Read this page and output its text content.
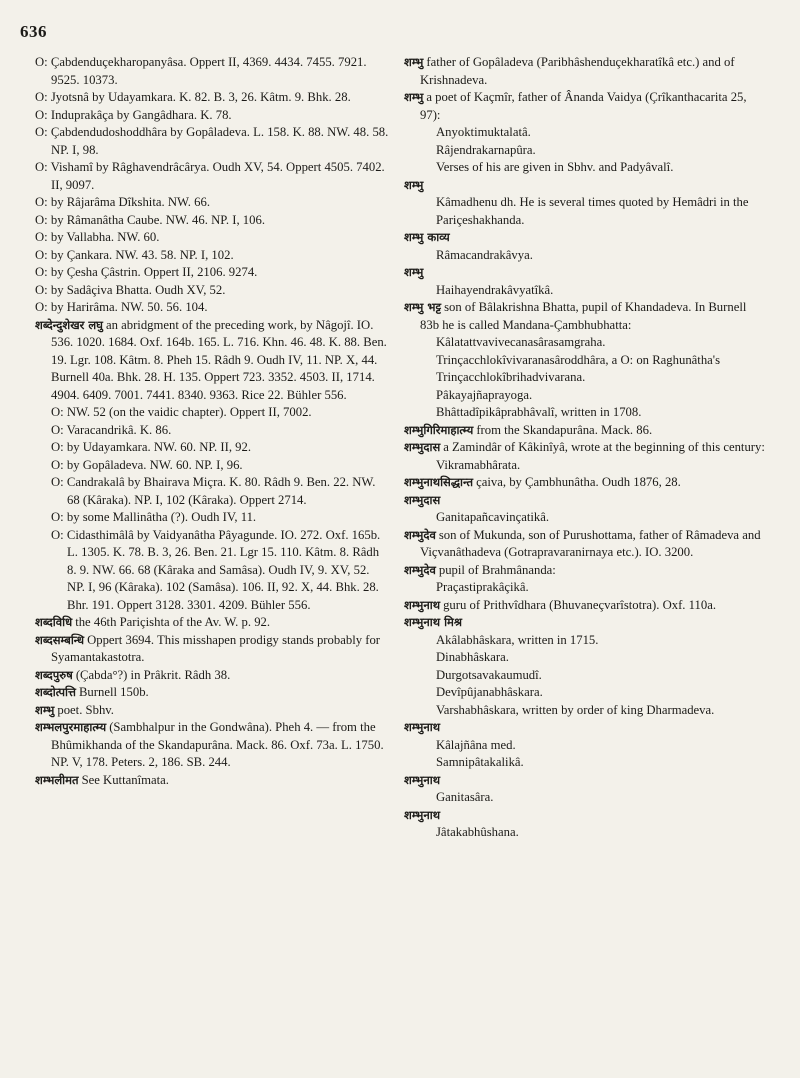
636

O: Çabdenduçekharopanyâsa. Oppert II, 4369. 4434. 7455. 7921. 9525. 10373.

O: Jyotsnâ by Udayamkara. K. 82. B. 3, 26. Kâtm. 9. Bhk. 28.

O: Induprakâça by Gangâdhara. K. 78.

O: Çabdendudoshoddhâra by Gopâladeva. L. 158. K. 88. NW. 48. 58. NP. I, 98.

O: Vishamî by Râghavendrâcârya. Oudh XV, 54. Oppert 4505. 7402. II, 9097.

O: by Râjarâma Dîkshita. NW. 66.

O: by Râmanâtha Caube. NW. 46. NP. I, 106.

O: by Vallabha. NW. 60.

O: by Çankara. NW. 43. 58. NP. I, 102.

O: by Çesha Çâstrin. Oppert II, 2106. 9274.

O: by Sadâçiva Bhatta. Oudh XV, 52.

O: by Harirâma. NW. 50. 56. 104.

शब्देन्दुशेखर लघु an abridgment of the preceding work, by Nâgojî. IO. 536. 1020. 1684. Oxf. 164b. 165. L. 716. Khn. 46. 48. K. 88. Ben. 19. Lgr. 108. Kâtm. 8. Pheh 15. Râdh 9. Oudh IV, 11. NP. X, 44. Burnell 40a. Bhk. 28. H. 135. Oppert 723. 3352. 4503. II, 1714. 4904. 6409. 7001. 7441. 8340. 9363. Rice 22. Bühler 556.

O: NW. 52 (on the vaidic chapter). Oppert II, 7002.

O: Varacandrikâ. K. 86.

O: by Udayamkara. NW. 60. NP. II, 92.

O: by Gopâladeva. NW. 60. NP. I, 96.

O: Candrakalâ by Bhairava Miçra. K. 80. Râdh 9. Ben. 22. NW. 68 (Kâraka). NP. I, 102 (Kâraka). Oppert 2714.

O: by some Mallinâtha (?). Oudh IV, 11.

O: Cidasthimâlâ by Vaidyanâtha Pâyagunde. IO. 272. Oxf. 165b. L. 1305. K. 78. B. 3, 26. Ben. 21. Lgr 15. 110. Kâtm. 8. Râdh 8. 9. NW. 66. 68 (Kâraka and Samâsa). Oudh IV, 9. XV, 52. NP. I, 96 (Kâraka). 102 (Samâsa). 106. II, 92. X, 44. Bhk. 28. Bhr. 191. Oppert 3128. 3301. 4209. Bühler 556.

शब्दविधि the 46th Pariçishta of the Av. W. p. 92.

शब्दसम्बन्धि Oppert 3694. This misshapen prodigy stands probably for Syamantakastotra.

शब्दपुरुष (Çabda°?) in Prâkrit. Râdh 38.

शब्दोत्पत्ति Burnell 150b.

शम्भु poet. Sbhv.

शम्भलपुरमाहात्म्य (Sambhalpur in the Gondwâna). Pheh 4. — from the Bhûmikhanda of the Skandapurâna. Mack. 86. Oxf. 73a. L. 1750. NP. V, 178. Peters. 2, 186. SB. 244.

शम्भलीमत See Kuttanîmata.

शम्भु father of Gopâladeva (Paribhâshenduçekharatîkâ etc.) and of Krishnadeva.

शम्भु a poet of Kaçmîr, father of Ânanda Vaidya (Çrîkanthacarita 25, 97):

Anyoktimuktalatâ.

Râjendrakarnapûra.

Verses of his are given in Sbhv. and Padyâvalî.

शम्भु

Kâmadhenu dh. He is several times quoted by Hemâdri in the Pariçeshakhanda.

शम्भु काव्य

Râmacandrakâvya.

शम्भु

Haihayendrakâvyatîkâ.

शम्भु भट्ट son of Bâlakrishna Bhatta, pupil of Khandadeva. In Burnell 83b he is called Mandana-Çambhubhatta:

Kâlatattvavivecanasârasamgraha.

Trinçacchlokîvivaranasâroddhâra, a O: on Raghunâtha's Trinçacchlokîbrihadvivarana.

Pâkayajñaprayoga.

Bhâttadîpikâprabhâvalî, written in 1708.

शम्भुगिरिमाहात्म्य from the Skandapurâna. Mack. 86.

शम्भुदास a Zamindâr of Kâkinîyâ, wrote at the beginning of this century:

Vikramabhârata.

शम्भुनाथसिद्धान्त çaiva, by Çambhunâtha. Oudh 1876, 28.

शम्भुदास

Ganitapañcavinçatikâ.

शम्भुदेव son of Mukunda, son of Purushottama, father of Râmadeva and Viçvanâthadeva (Gotrapravaranirnaya etc.). IO. 3200.

शम्भुदेव pupil of Brahmânanda:

Praçastiprakâçikâ.

शम्भुनाथ guru of Prithvîdhara (Bhuvaneçvarîstotra). Oxf. 110a.

शम्भुनाथ मिश्र

Akâlabhâskara, written in 1715.

Dinabhâskara.

Durgotsavakaumudî.

Devîpûjanabhâskara.

Varshabhâskara, written by order of king Dharmadeva.

शम्भुनाथ

Kâlajñâna med.

Samnipâtakalikâ.

शम्भुनाथ

Ganitasâra.

शम्भुनाथ

Jâtakabhûshana.
